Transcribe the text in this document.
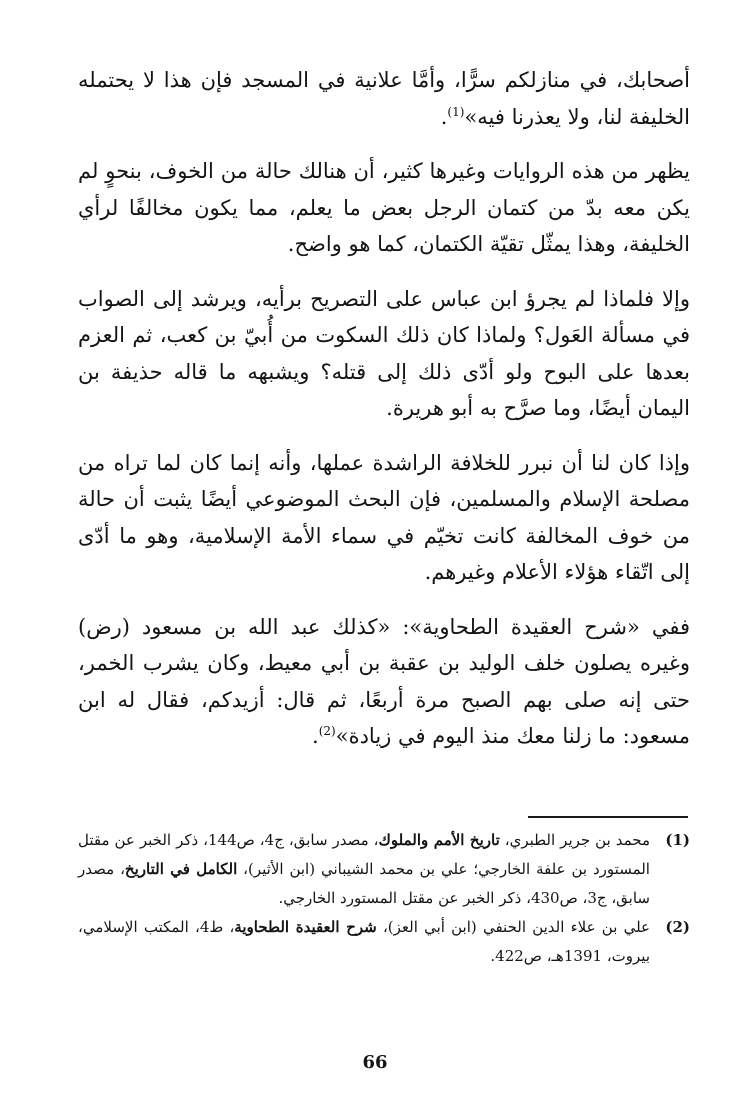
أصحابك، في منازلكم سرًّا، وأمَّا علانية في المسجد فإن هذا لا يحتمله الخليفة لنا، ولا يعذرنا فيه»$^{(1)}$.

يظهر من هذه الروايات وغيرها كثير، أن هنالك حالة من الخوف، بنحوٍ لم يكن معه بدّ من كتمان الرجل بعض ما يعلم، مما يكون مخالفًا لرأي الخليفة، وهذا يمثّل تقيّة الكتمان، كما هو واضح.

وإلا فلماذا لم يجرؤ ابن عباس على التصريح برأيه، ويرشد إلى الصواب في مسألة العَول؟ ولماذا كان ذلك السكوت من أُبيّ بن كعب، ثم العزم بعدها على البوح ولو أدّى ذلك إلى قتله؟ ويشبهه ما قاله حذيفة بن اليمان أيضًا، وما صرَّح به أبو هريرة.

وإذا كان لنا أن نبرر للخلافة الراشدة عملها، وأنه إنما كان لما تراه من مصلحة الإسلام والمسلمين، فإن البحث الموضوعي أيضًا يثبت أن حالة من خوف المخالفة كانت تخيّم في سماء الأمة الإسلامية، وهو ما أدّى إلى اتّقاء هؤلاء الأعلام وغيرهم.

ففي «شرح العقيدة الطحاوية»: «كذلك عبد الله بن مسعود (رض) وغيره يصلون خلف الوليد بن عقبة بن أبي معيط، وكان يشرب الخمر، حتى إنه صلى بهم الصبح مرة أربعًا، ثم قال: أزيدكم، فقال له ابن مسعود: ما زلنا معك منذ اليوم في زيادة»$^{(2)}$.

(1)
محمد بن جرير الطبري، تاريخ الأمم والملوك، مصدر سابق، ج4، ص144، ذكر الخبر عن مقتل المستورد بن علفة الخارجي؛ علي بن محمد الشيباني (ابن الأثير)، الكامل في التاريخ، مصدر سابق، ج3، ص430، ذكر الخبر عن مقتل المستورد الخارجي.
(2)
علي بن علاء الدين الحنفي (ابن أبي العز)، شرح العقيدة الطحاوية، ط4، المكتب الإسلامي، بيروت، 1391هـ، ص422.
66
